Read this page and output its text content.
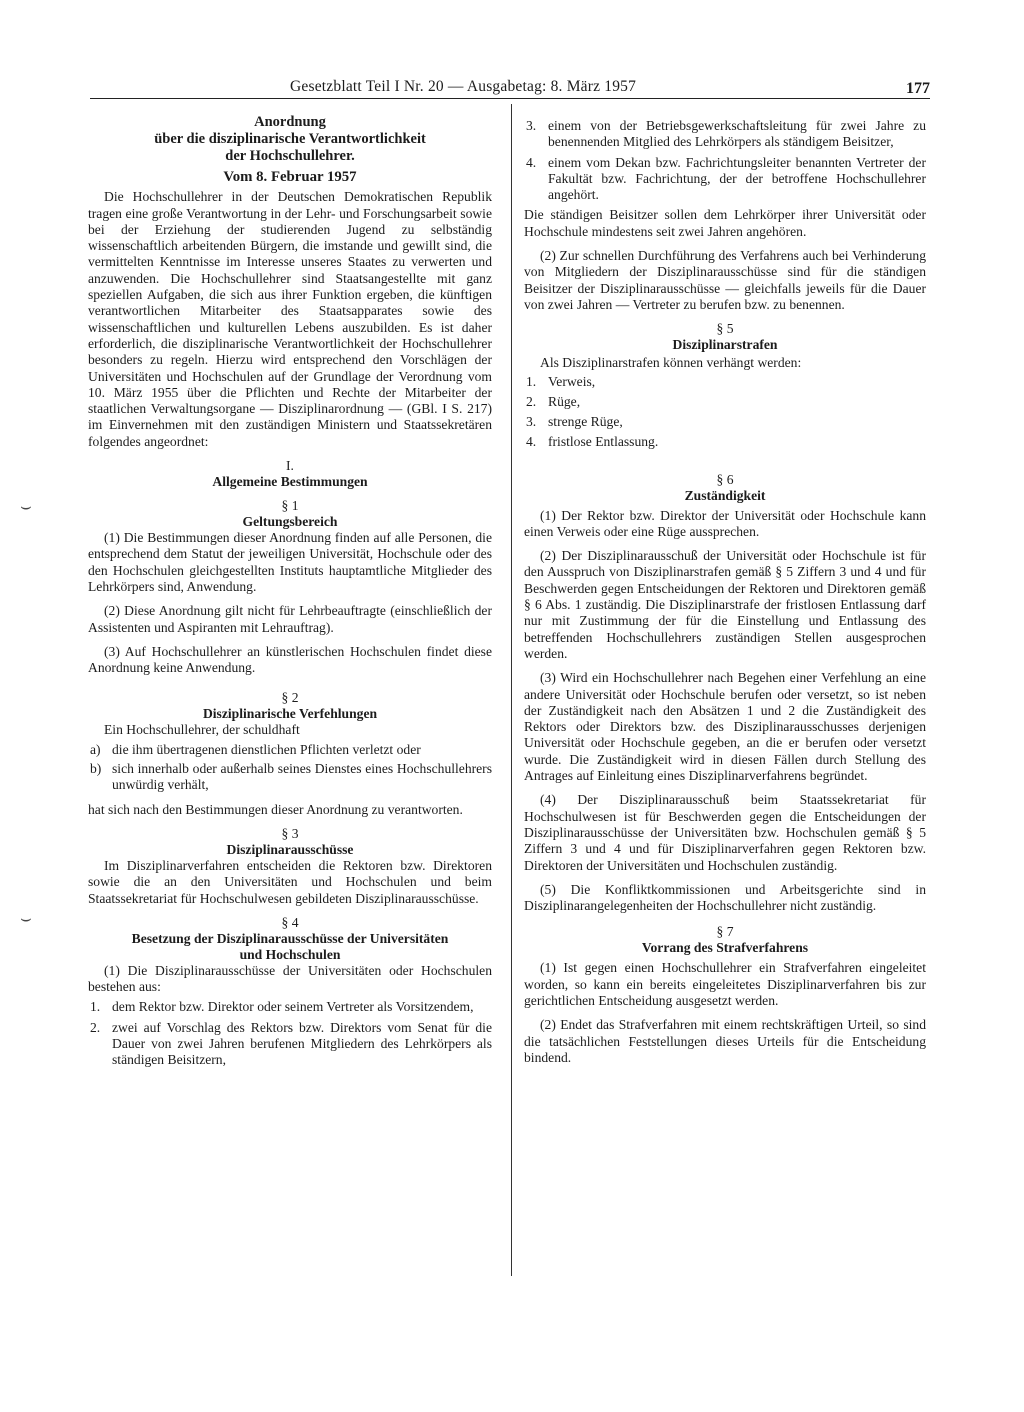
Gesetzblatt Teil I Nr. 20 — Ausgabetag: 8. März 1957	177
⌣
⌣
Anordnung
über die disziplinarische Verantwortlichkeit
der Hochschullehrer.
Vom 8. Februar 1957

Die Hochschullehrer in der Deutschen Demokratischen Republik tragen eine große Verantwortung in der Lehr- und Forschungsarbeit sowie bei der Erziehung der studierenden Jugend zu selbständig wissenschaftlich arbeitenden Bürgern, die imstande und gewillt sind, die vermittelten Kenntnisse im Interesse unseres Staates zu verwerten und anzuwenden. Die Hochschullehrer sind Staatsangestellte mit ganz speziellen Aufgaben, die sich aus ihrer Funktion ergeben, die künftigen verantwortlichen Mitarbeiter des Staatsapparates sowie des wissenschaftlichen und kulturellen Lebens auszubilden. Es ist daher erforderlich, die disziplinarische Verantwortlichkeit der Hochschullehrer besonders zu regeln. Hierzu wird entsprechend den Vorschlägen der Universitäten und Hochschulen auf der Grundlage der Verordnung vom 10. März 1955 über die Pflichten und Rechte der Mitarbeiter der staatlichen Verwaltungsorgane — Disziplinarordnung — (GBl. I S. 217) im Einvernehmen mit den zuständigen Ministern und Staatssekretären folgendes angeordnet:

I.
Allgemeine Bestimmungen
§ 1
Geltungsbereich

(1) Die Bestimmungen dieser Anordnung finden auf alle Personen, die entsprechend dem Statut der jeweiligen Universität, Hochschule oder des den Hochschulen gleichgestellten Instituts hauptamtliche Mitglieder des Lehrkörpers sind, Anwendung.

(2) Diese Anordnung gilt nicht für Lehrbeauftragte (einschließlich der Assistenten und Aspiranten mit Lehrauftrag).

(3) Auf Hochschullehrer an künstlerischen Hochschulen findet diese Anordnung keine Anwendung.

§ 2
Disziplinarische Verfehlungen

Ein Hochschullehrer, der schuldhaft

a) die ihm übertragenen dienstlichen Pflichten verletzt oder
b) sich innerhalb oder außerhalb seines Dienstes eines Hochschullehrers unwürdig verhält,

hat sich nach den Bestimmungen dieser Anordnung zu verantworten.

§ 3
Disziplinarausschüsse

Im Disziplinarverfahren entscheiden die Rektoren bzw. Direktoren sowie die an den Universitäten und Hochschulen und beim Staatssekretariat für Hochschulwesen gebildeten Disziplinarausschüsse.

§ 4
Besetzung der Disziplinarausschüsse der Universitäten
und Hochschulen

(1) Die Disziplinarausschüsse der Universitäten oder Hochschulen bestehen aus:

1. dem Rektor bzw. Direktor oder seinem Vertreter als Vorsitzendem,
2. zwei auf Vorschlag des Rektors bzw. Direktors vom Senat für die Dauer von zwei Jahren berufenen Mitgliedern des Lehrkörpers als ständigen Beisitzern,
3. einem von der Betriebsgewerkschaftsleitung für zwei Jahre zu benennenden Mitglied des Lehrkörpers als ständigem Beisitzer,
4. einem vom Dekan bzw. Fachrichtungsleiter benannten Vertreter der Fakultät bzw. Fachrichtung, der der betroffene Hochschullehrer angehört.

Die ständigen Beisitzer sollen dem Lehrkörper ihrer Universität oder Hochschule mindestens seit zwei Jahren angehören.

(2) Zur schnellen Durchführung des Verfahrens auch bei Verhinderung von Mitgliedern der Disziplinarausschüsse sind für die ständigen Beisitzer der Disziplinarausschüsse — gleichfalls jeweils für die Dauer von zwei Jahren — Vertreter zu berufen bzw. zu benennen.

§ 5
Disziplinarstrafen

Als Disziplinarstrafen können verhängt werden:

1. Verweis,
2. Rüge,
3. strenge Rüge,
4. fristlose Entlassung.
§ 6
Zuständigkeit

(1) Der Rektor bzw. Direktor der Universität oder Hochschule kann einen Verweis oder eine Rüge aussprechen.

(2) Der Disziplinarausschuß der Universität oder Hochschule ist für den Ausspruch von Disziplinarstrafen gemäß § 5 Ziffern 3 und 4 und für Beschwerden gegen Entscheidungen der Rektoren und Direktoren gemäß § 6 Abs. 1 zuständig. Die Disziplinarstrafe der fristlosen Entlassung darf nur mit Zustimmung der für die Einstellung und Entlassung des betreffenden Hochschullehrers zuständigen Stellen ausgesprochen werden.

(3) Wird ein Hochschullehrer nach Begehen einer Verfehlung an eine andere Universität oder Hochschule berufen oder versetzt, so ist neben der Zuständigkeit nach den Absätzen 1 und 2 die Zuständigkeit des Rektors oder Direktors bzw. des Disziplinarausschusses derjenigen Universität oder Hochschule gegeben, an die er berufen oder versetzt wurde. Die Zuständigkeit wird in diesen Fällen durch Stellung des Antrages auf Einleitung eines Disziplinarverfahrens begründet.

(4) Der Disziplinarausschuß beim Staatssekretariat für Hochschulwesen ist für Beschwerden gegen die Entscheidungen der Disziplinarausschüsse der Universitäten bzw. Hochschulen gemäß § 5 Ziffern 3 und 4 und für Disziplinarverfahren gegen Rektoren bzw. Direktoren der Universitäten und Hochschulen zuständig.

(5) Die Konfliktkommissionen und Arbeitsgerichte sind in Disziplinarangelegenheiten der Hochschullehrer nicht zuständig.

§ 7
Vorrang des Strafverfahrens

(1) Ist gegen einen Hochschullehrer ein Strafverfahren eingeleitet worden, so kann ein bereits eingeleitetes Disziplinarverfahren bis zur gerichtlichen Entscheidung ausgesetzt werden.

(2) Endet das Strafverfahren mit einem rechtskräftigen Urteil, so sind die tatsächlichen Feststellungen dieses Urteils für die Entscheidung bindend.
